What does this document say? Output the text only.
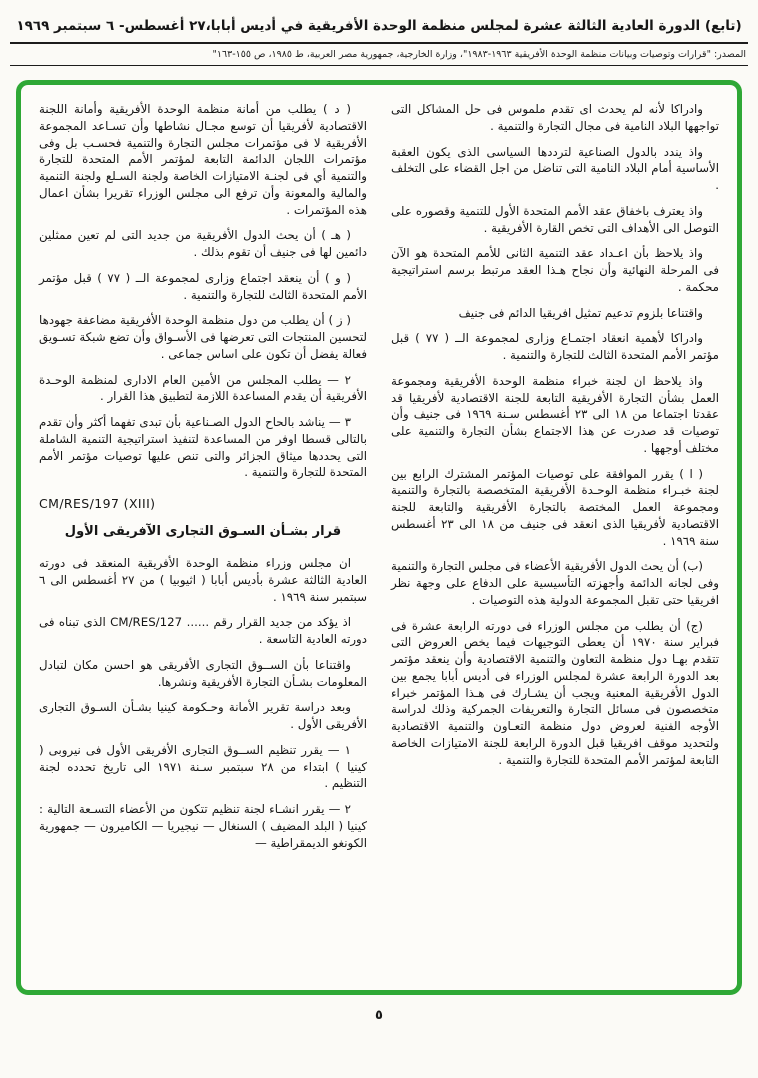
(تابع) الدورة العادية الثالثة عشرة لمجلس منظمة الوحدة الأفريقية في أديس أبابا،٢٧ أغسطس- ٦ سبتمبر ١٩٦٩
المصدر: "قرارات وتوصيات وبيانات منظمة الوحدة الأفريقية ١٩٦٣-١٩٨٣"، وزارة الخارجية، جمهورية مصر العربية، ط ١٩٨٥، ص ١٥٥-١٦٣"

وادراكا لأنه لم يحدث اى تقدم ملموس فى حل المشاكل التى تواجهها البلاد النامية فى مجال التجارة والتنمية .

واذ يندد بالدول الصناعية لترددها السياسى الذى يكون العقبة الأساسية أمام البلاد النامية التى تناضل من اجل القضاء على التخلف .

واذ يعترف باخفاق عقد الأمم المتحدة الأول للتنمية وقصوره على التوصل الى الأهداف التى تخص القارة الأفريقية .

واذ يلاحظ بأن اعـداد عقد التنمية الثانى للأمم المتحدة هو الآن فى المرحلة النهائية وأن نجاح هـذا العقد مرتبط برسم استراتيجية محكمة .

واقتناعا بلزوم تدعيم تمثيل افريقيا الدائم فى جنيف

وادراكا لأهمية انعقاد اجتمـاع وزارى لمجموعة الــ ( ٧٧ ) قبل مؤتمر الأمم المتحدة الثالث للتجارة والتنمية .

واذ يلاحظ ان لجنة خبراء منظمة الوحدة الأفريقية ومجموعة العمل بشأن التجارة الأفريقية التابعة للجنة الاقتصادية لأفريقيا قد عقدتا اجتماعا من ١٨ الى ٢٣ أغسطس سـنة ١٩٦٩ فى جنيف وأن توصيات قد صدرت عن هذا الاجتماع بشأن التجارة والتنمية على مختلف أوجهها .

( ا ) يقرر الموافقة على توصيات المؤتمر المشترك الرابع بين لجنة خبـراء منظمة الوحـدة الأفريقية المتخصصة بالتجارة والتنمية ومجموعة العمل المختصة بالتجارة الأفريقية والتابعة للجنة الاقتصادية لأفريقيا الذى انعقد فى جنيف من ١٨ الى ٢٣ أغسطس سنة ١٩٦٩ .

(ب) أن يحث الدول الأفريقية الأعضاء فى مجلس التجارة والتنمية وفى لجانه الدائمة وأجهزته التأسيسية على الدفاع على وجهة نظر افريقيا حتى تقبل المجموعة الدولية هذه التوصيات .

(ج) أن يطلب من مجلس الوزراء فى دورته الرابعة عشرة فى فبراير سنة ١٩٧٠ أن يعطى التوجيهات فيما يخص العروض التى تتقدم بهـا دول منظمة التعاون والتنمية الاقتصادية وأن ينعقد مؤتمر بعد الدورة الرابعة عشرة لمجلس الوزراء فى أديس أبابا يجمع بين الدول الأفريقية المعنية ويجب أن يشـارك فى هـذا المؤتمر خبراء متخصصون فى مسائل التجارة والتعريفات الجمركية وذلك لدراسة الأوجه الفنية لعروض دول منظمة التعـاون والتنمية الاقتصادية ولتحديد موقف افريقيا قبل الدورة الرابعة للجنة الامتيازات الخاصة التابعة لمؤتمر الأمم المتحدة للتجارة والتنمية .

( د ) يطلب من أمانة منظمة الوحدة الأفريقية وأمانة اللجنة الاقتصادية لأفريقيا أن توسع مجـال نشاطها وأن تسـاعد المجموعة الأفريقية لا فى مؤتمرات مجلس التجارة والتنمية فحسـب بل وفى مؤتمرات اللجان الدائمة التابعة لمؤتمر الأمم المتحدة للتجارة والتنمية أي فى لجنـة الامتيازات الخاصة ولجنة السـلع ولجنة التنمية والمالية والمعونة وأن ترفع الى مجلس الوزراء تقريرا بشأن اعمال هذه المؤتمرات .

( هـ ) أن يحث الدول الأفريقية من جديد التى لم تعين ممثلين دائمين لها فى جنيف أن تقوم بذلك .

( و ) أن ينعقد اجتماع وزارى لمجموعة الــ ( ٧٧ ) قبل مؤتمر الأمم المتحدة الثالث للتجارة والتنمية .

( ز ) أن يطلب من دول منظمة الوحدة الأفريقية مضاعفة جهودها لتحسين المنتجات التى تعرضها فى الأسـواق وأن تضع شبكة تسـويق فعالة يفضل أن تكون على اساس جماعى .

٢ — يطلب المجلس من الأمين العام الادارى لمنظمة الوحـدة الأفريقية أن يقدم المساعدة اللازمة لتطبيق هذا القرار .

٣ — يناشد بالحاح الدول الصـناعية بأن تبدى تفهما أكثر وأن تقدم بالتالى قسطا اوفر من المساعدة لتنفيذ استراتيجية التنمية الشاملة التى يحددها ميثاق الجزائر والتى تنص عليها توصيات مؤتمر الأمم المتحدة للتجارة والتنمية .

CM/RES/197 (XIII)
قرار بشـأن السـوق التجارى الآفريقى الأول

ان مجلس وزراء منظمة الوحدة الأفريقية المنعقد فى دورته العادية الثالثة عشرة بأديس أبابا ( اثيوبيا ) من ٢٧ أغسطس الى ٦ سبتمبر سنة ١٩٦٩ .

اذ يؤكد من جديد القرار رقم ...... CM/RES/127 الذى تبناه فى دورته العادية التاسعة .

واقتناعا بأن الســوق التجارى الأفريقى هو احسن مكان لتبادل المعلومات بشـأن التجارة الأفريقية ونشرها.

وبعد دراسة تقرير الأمانة وحـكومة كينيا بشـأن السـوق التجارى الأفريقى الأول .

١ — يقرر تنظيم الســوق التجارى الأفريقى الأول فى نيروبى ( كينيا ) ابتداء من ٢٨ سبتمبر سـنة ١٩٧١ الى تاريخ تحدده لجنة التنظيم .

٢ — يقرر انشـاء لجنة تنظيم تتكون من الأعضاء التسـعة التالية : كينيا ( البلد المضيف ) السنغال — نيجيريا — الكاميرون — جمهورية الكونغو الديمقراطية —

٥
